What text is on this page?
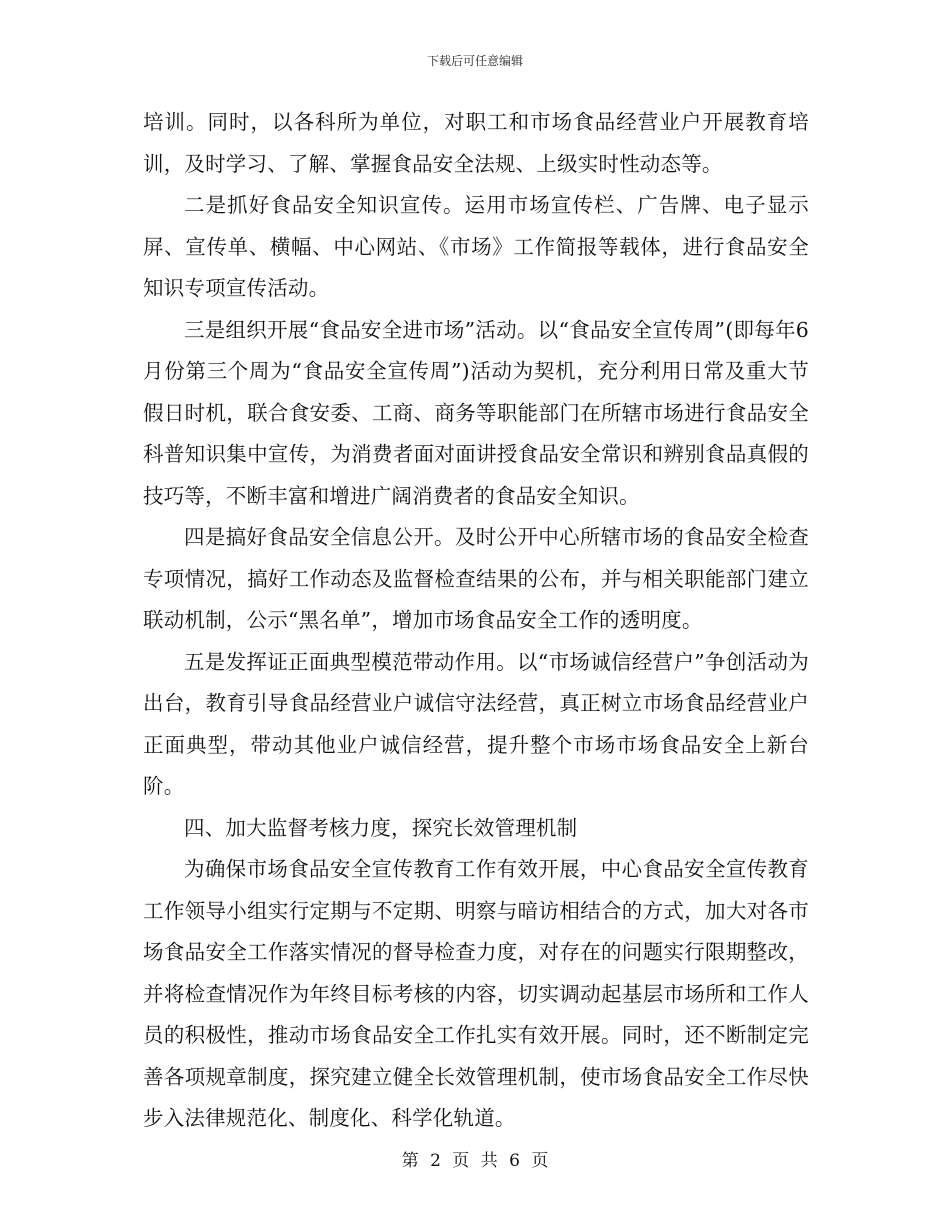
下载后可任意编辑

培训。同时，以各科所为单位，对职工和市场食品经营业户开展教育培训，及时学习、了解、掌握食品安全法规、上级实时性动态等。

二是抓好食品安全知识宣传。运用市场宣传栏、广告牌、电子显示屏、宣传单、横幅、中心网站、《市场》工作简报等载体，进行食品安全知识专项宣传活动。

三是组织开展“食品安全进市场”活动。以“食品安全宣传周”(即每年6月份第三个周为“食品安全宣传周”)活动为契机，充分利用日常及重大节假日时机，联合食安委、工商、商务等职能部门在所辖市场进行食品安全科普知识集中宣传，为消费者面对面讲授食品安全常识和辨别食品真假的技巧等，不断丰富和增进广阔消费者的食品安全知识。

四是搞好食品安全信息公开。及时公开中心所辖市场的食品安全检查专项情况，搞好工作动态及监督检查结果的公布，并与相关职能部门建立联动机制，公示“黑名单”，增加市场食品安全工作的透明度。

五是发挥证正面典型模范带动作用。以“市场诚信经营户”争创活动为出台，教育引导食品经营业户诚信守法经营，真正树立市场食品经营业户正面典型，带动其他业户诚信经营，提升整个市场市场食品安全上新台阶。

四、加大监督考核力度，探究长效管理机制

为确保市场食品安全宣传教育工作有效开展，中心食品安全宣传教育工作领导小组实行定期与不定期、明察与暗访相结合的方式，加大对各市场食品安全工作落实情况的督导检查力度，对存在的问题实行限期整改，并将检查情况作为年终目标考核的内容，切实调动起基层市场所和工作人员的积极性，推动市场食品安全工作扎实有效开展。同时，还不断制定完善各项规章制度，探究建立健全长效管理机制，使市场食品安全工作尽快步入法律规范化、制度化、科学化轨道。

第 2 页 共 6 页
